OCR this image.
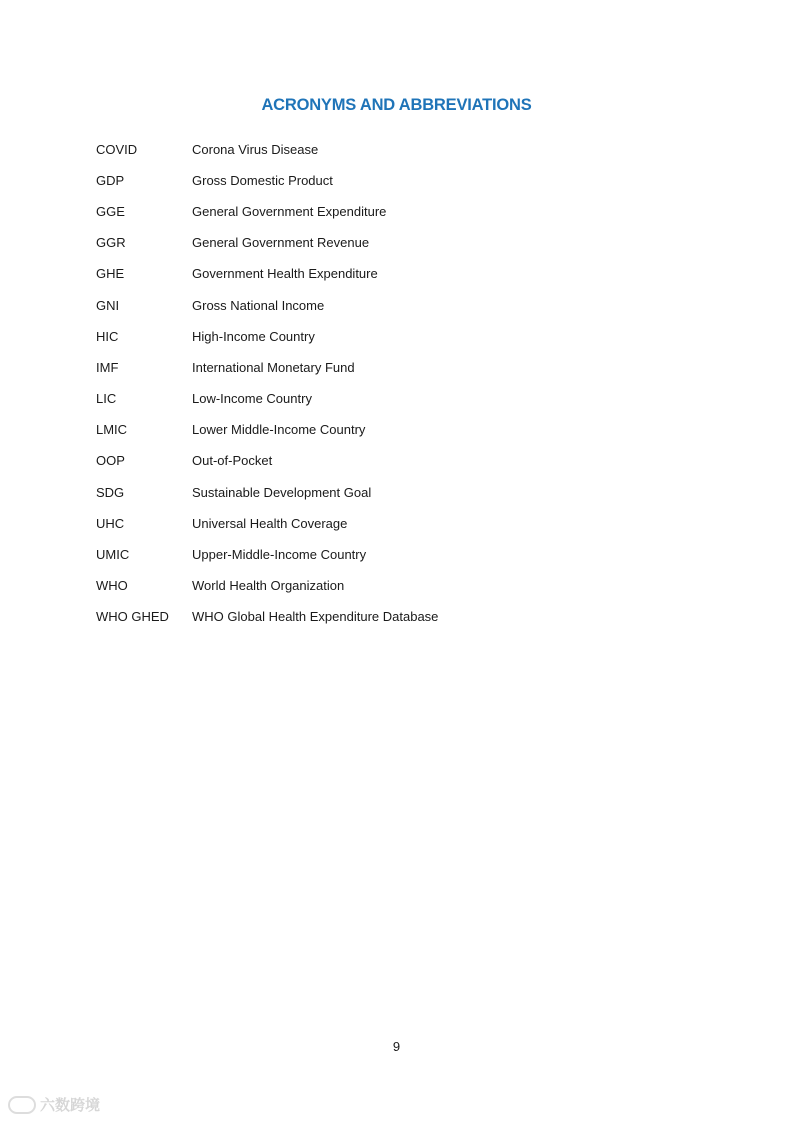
ACRONYMS AND ABBREVIATIONS
COVID	Corona Virus Disease
GDP	Gross Domestic Product
GGE	General Government Expenditure
GGR	General Government Revenue
GHE	Government Health Expenditure
GNI	Gross National Income
HIC	High-Income Country
IMF	International Monetary Fund
LIC	Low-Income Country
LMIC	Lower Middle-Income Country
OOP	Out-of-Pocket
SDG	Sustainable Development Goal
UHC	Universal Health Coverage
UMIC	Upper-Middle-Income Country
WHO	World Health Organization
WHO GHED	WHO Global Health Expenditure Database
9
六数跨境
